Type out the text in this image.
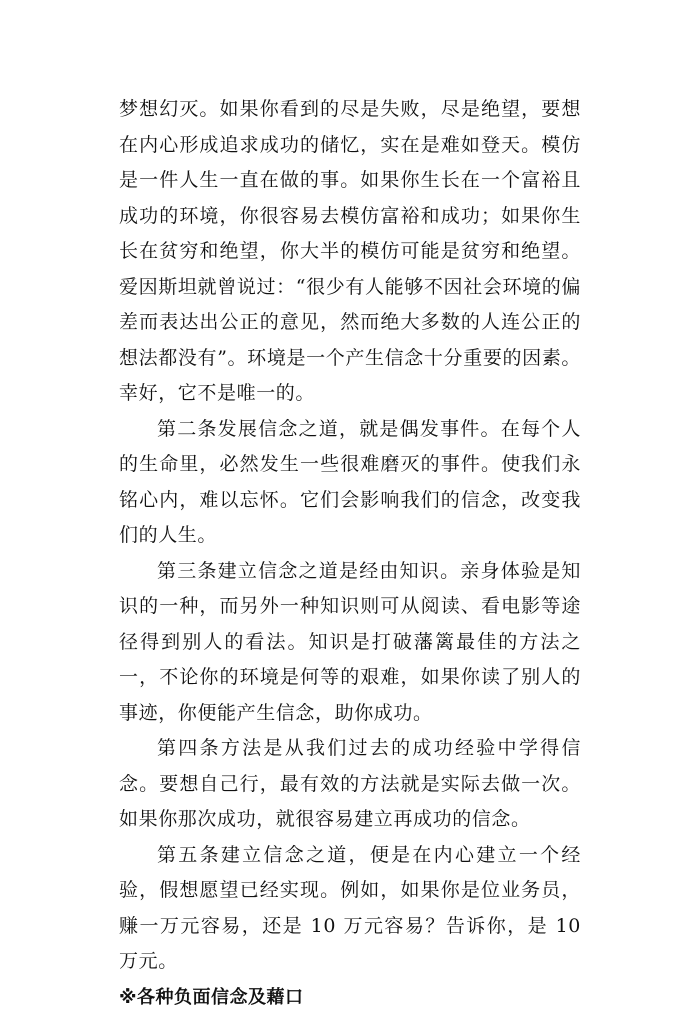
梦想幻灭。如果你看到的尽是失败，尽是绝望，要想在内心形成追求成功的储忆，实在是难如登天。模仿是一件人生一直在做的事。如果你生长在一个富裕且成功的环境，你很容易去模仿富裕和成功；如果你生长在贫穷和绝望，你大半的模仿可能是贫穷和绝望。爱因斯坦就曾说过：“很少有人能够不因社会环境的偏差而表达出公正的意见，然而绝大多数的人连公正的想法都没有”。环境是一个产生信念十分重要的因素。幸好，它不是唯一的。

第二条发展信念之道，就是偶发事件。在每个人的生命里，必然发生一些很难磨灭的事件。使我们永铭心内，难以忘怀。它们会影响我们的信念，改变我们的人生。

第三条建立信念之道是经由知识。亲身体验是知识的一种，而另外一种知识则可从阅读、看电影等途径得到别人的看法。知识是打破藩篱最佳的方法之一，不论你的环境是何等的艰难，如果你读了别人的事迹，你便能产生信念，助你成功。

第四条方法是从我们过去的成功经验中学得信念。要想自己行，最有效的方法就是实际去做一次。如果你那次成功，就很容易建立再成功的信念。

第五条建立信念之道，便是在内心建立一个经验，假想愿望已经实现。例如，如果你是位业务员，赚一万元容易，还是 10 万元容易？告诉你，是 10 万元。

※各种负面信念及藉口
